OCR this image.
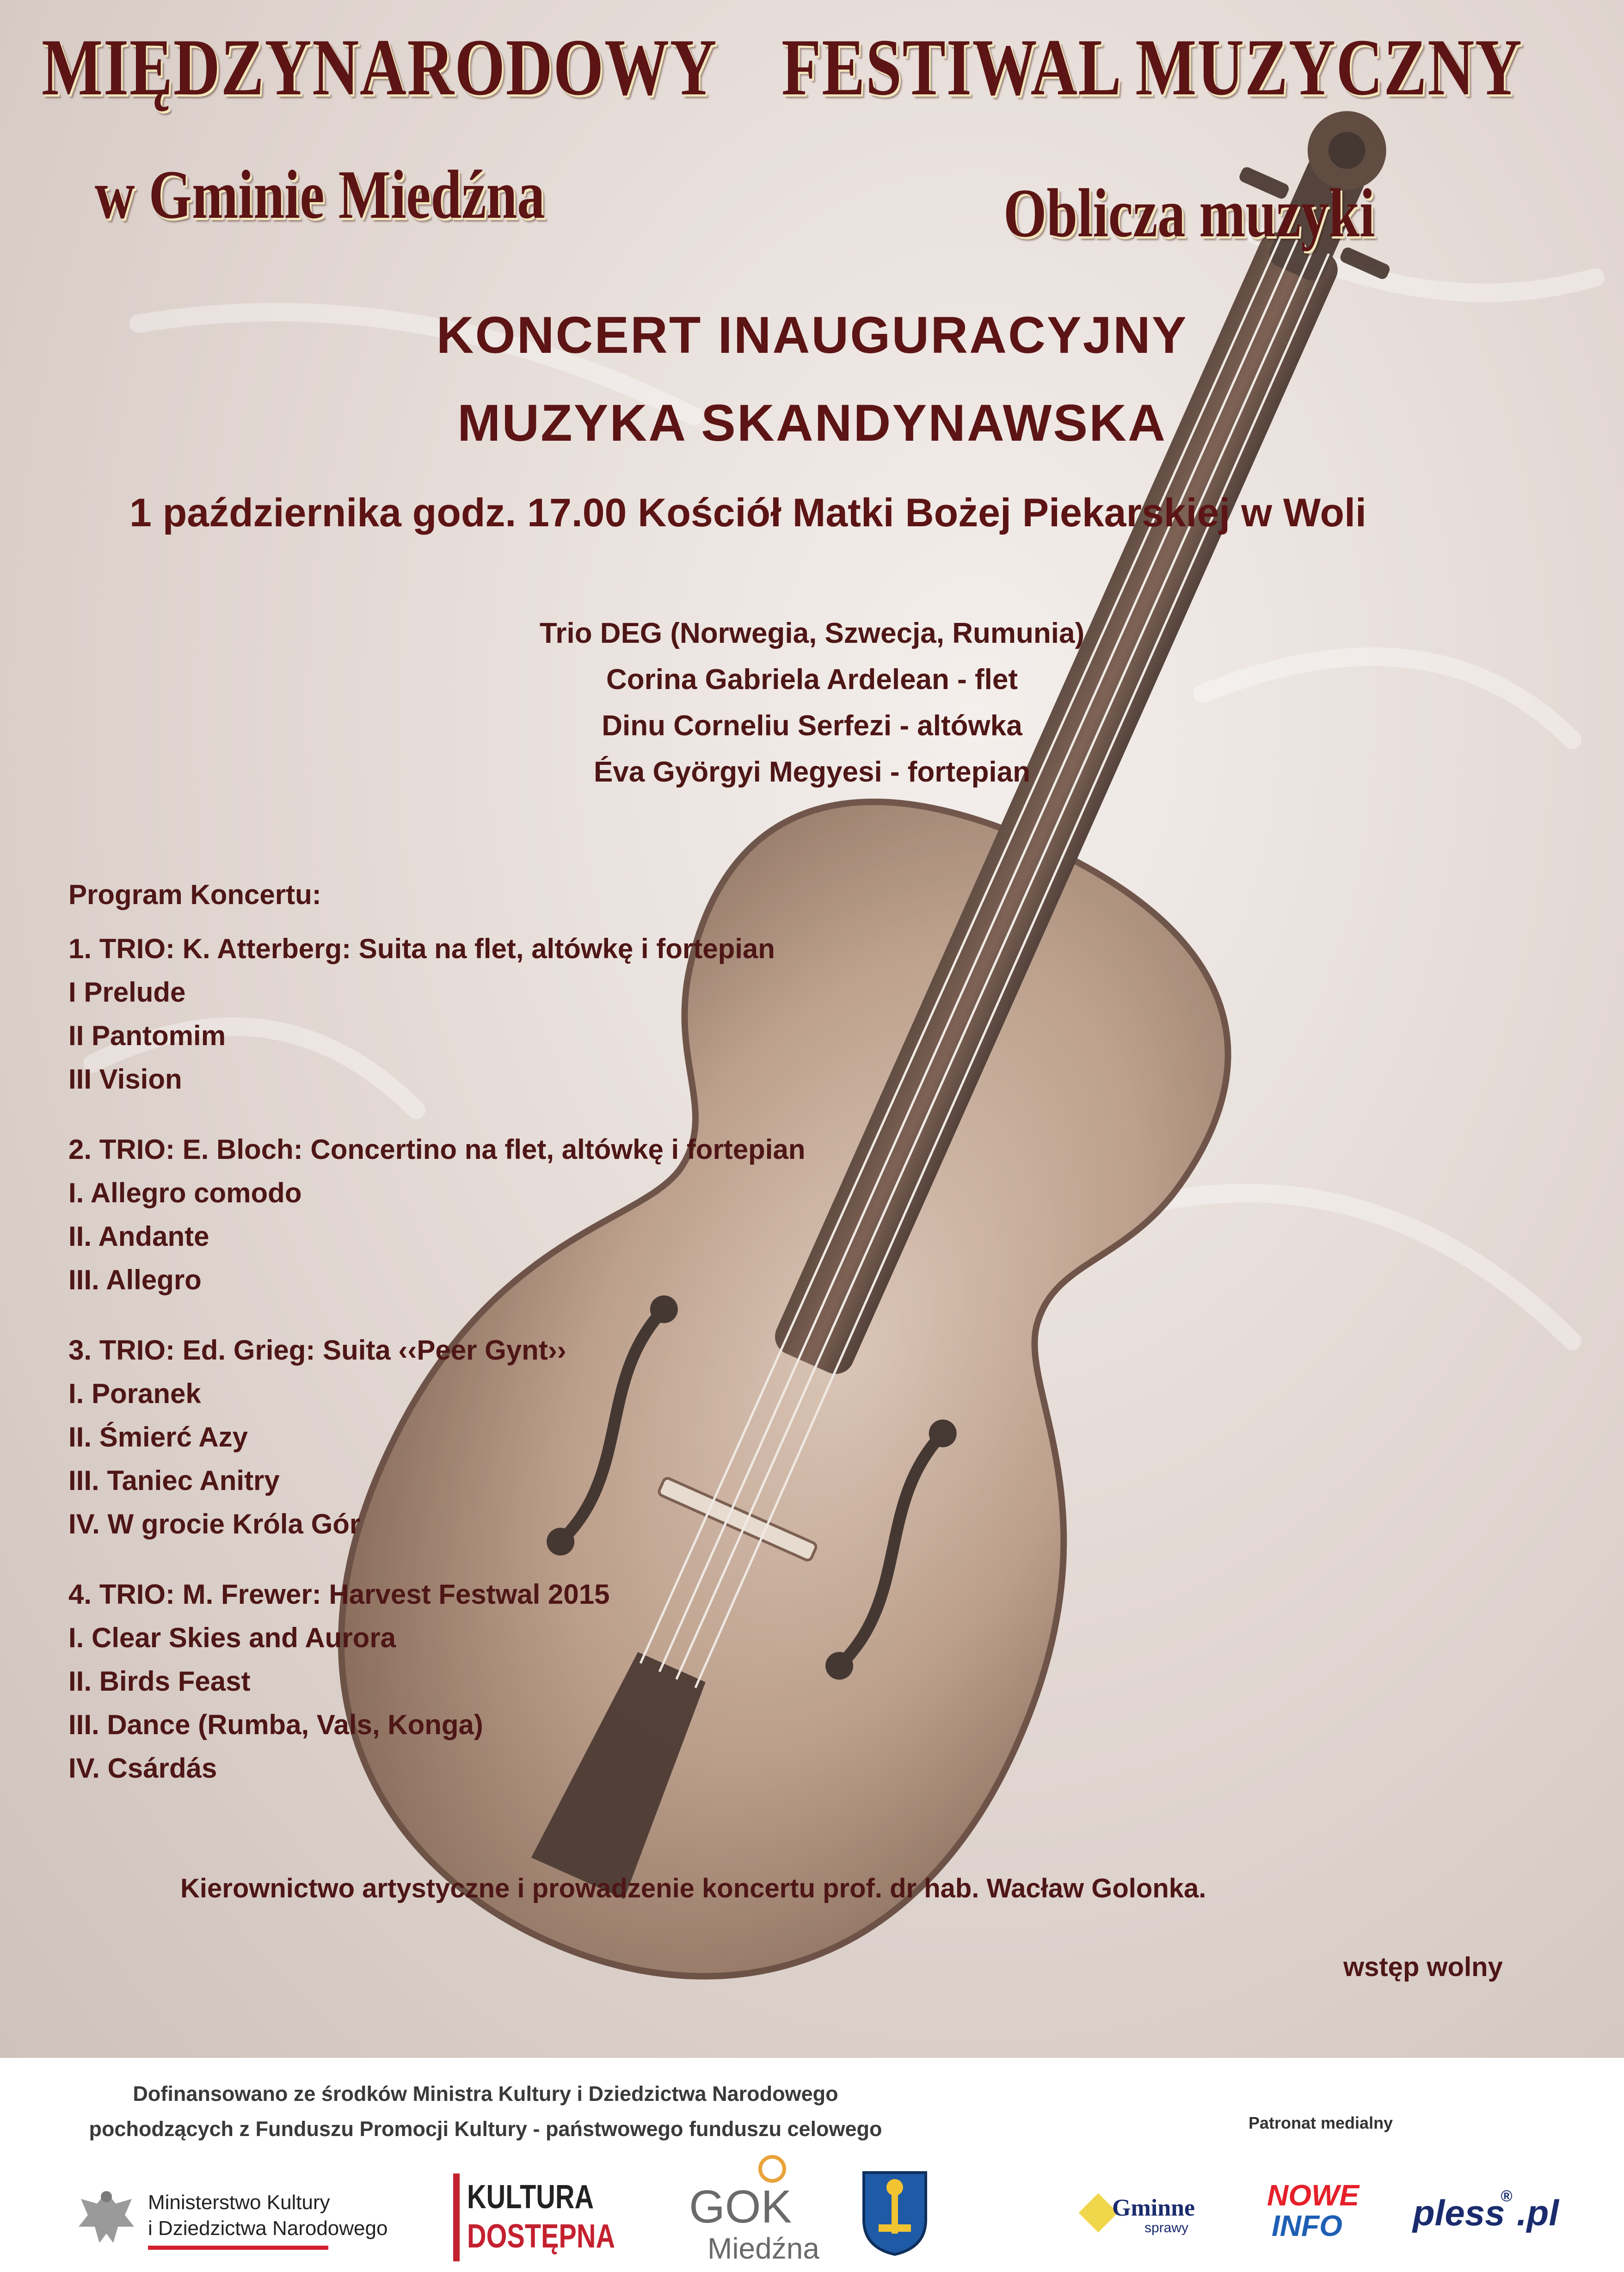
MIĘDZYNARODOWY FESTIWAL MUZYCZNY
w Gminie Miedźna	Oblicza muzyki
KONCERT INAUGURACYJNY
MUZYKA SKANDYNAWSKA
1 października godz. 17.00 Kościół Matki Bożej Piekarskiej w Woli
Trio DEG (Norwegia, Szwecja, Rumunia)
Corina Gabriela Ardelean - flet
Dinu Corneliu Serfezi - altówka
Éva Györgyi Megyesi - fortepian
Program Koncertu:
1. TRIO: K. Atterberg: Suita na flet, altówkę i fortepian
I Prelude
II Pantomim
III Vision
2. TRIO: E. Bloch: Concertino na flet, altówkę i fortepian
I. Allegro comodo
II. Andante
III. Allegro
3. TRIO: Ed. Grieg: Suita ‹‹Peer Gynt››
I. Poranek
II. Śmierć Azy
III. Taniec Anitry
IV. W grocie Króla Gór
4. TRIO: M. Frewer: Harvest Festwal 2015
I. Clear Skies and Aurora
II. Birds Feast
III. Dance (Rumba, Vals, Konga)
IV. Csárdás
Kierownictwo artystyczne i prowadzenie koncertu prof. dr hab. Wacław Golonka.
wstęp wolny
Dofinansowano ze środków Ministra Kultury i Dziedzictwa Narodowego
pochodzących z Funduszu Promocji Kultury - państwowego funduszu celowego	Patronat medialny
Ministerstwo Kultury
i Dziedzictwa Narodowego
KULTURA
DOSTĘPNA
GOK
Miedźna
Gminne
sprawy
NOWE
INFO pless
® .pl
